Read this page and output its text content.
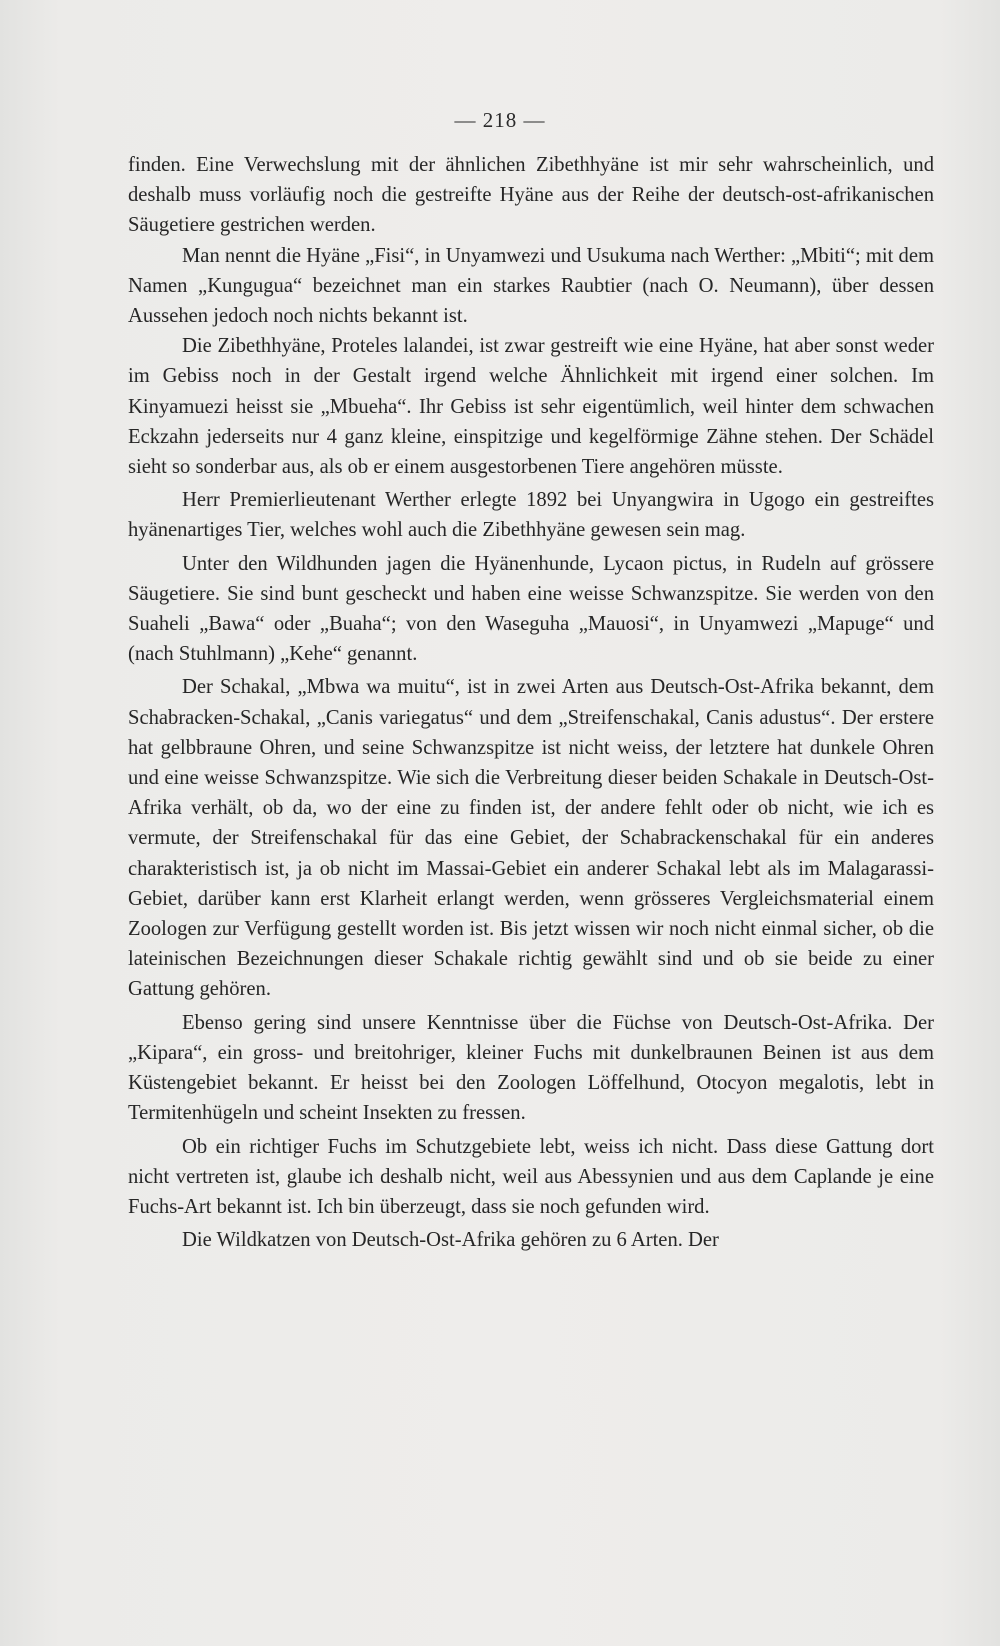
— 218 —

finden. Eine Verwechslung mit der ähnlichen Zibethhyäne ist mir sehr wahrscheinlich, und deshalb muss vorläufig noch die gestreifte Hyäne aus der Reihe der deutsch-ost-afrikanischen Säugetiere gestrichen werden.

Man nennt die Hyäne „Fisi“, in Unyamwezi und Usukuma nach Werther: „Mbiti“; mit dem Namen „Kungugua“ bezeichnet man ein starkes Raubtier (nach O. Neumann), über dessen Aussehen jedoch noch nichts bekannt ist.

Die Zibethhyäne, Proteles lalandei, ist zwar gestreift wie eine Hyäne, hat aber sonst weder im Gebiss noch in der Gestalt irgend welche Ähnlichkeit mit irgend einer solchen. Im Kinyamuezi heisst sie „Mbueha“. Ihr Gebiss ist sehr eigentümlich, weil hinter dem schwachen Eckzahn jederseits nur 4 ganz kleine, einspitzige und kegelförmige Zähne stehen. Der Schädel sieht so sonderbar aus, als ob er einem ausgestorbenen Tiere angehören müsste.

Herr Premierlieutenant Werther erlegte 1892 bei Unyangwira in Ugogo ein gestreiftes hyänenartiges Tier, welches wohl auch die Zibethhyäne gewesen sein mag.

Unter den Wildhunden jagen die Hyänenhunde, Lycaon pictus, in Rudeln auf grössere Säugetiere. Sie sind bunt gescheckt und haben eine weisse Schwanzspitze. Sie werden von den Suaheli „Bawa“ oder „Buaha“; von den Waseguha „Mauosi“, in Unyamwezi „Mapuge“ und (nach Stuhlmann) „Kehe“ genannt.

Der Schakal, „Mbwa wa muitu“, ist in zwei Arten aus Deutsch-Ost-Afrika bekannt, dem Schabracken-Schakal, „Canis variegatus“ und dem „Streifenschakal, Canis adustus“. Der erstere hat gelbbraune Ohren, und seine Schwanzspitze ist nicht weiss, der letztere hat dunkele Ohren und eine weisse Schwanzspitze. Wie sich die Verbreitung dieser beiden Schakale in Deutsch-Ost-Afrika verhält, ob da, wo der eine zu finden ist, der andere fehlt oder ob nicht, wie ich es vermute, der Streifenschakal für das eine Gebiet, der Schabrackenschakal für ein anderes charakteristisch ist, ja ob nicht im Massai-Gebiet ein anderer Schakal lebt als im Malagarassi-Gebiet, darüber kann erst Klarheit erlangt werden, wenn grösseres Vergleichsmaterial einem Zoologen zur Verfügung gestellt worden ist. Bis jetzt wissen wir noch nicht einmal sicher, ob die lateinischen Bezeichnungen dieser Schakale richtig gewählt sind und ob sie beide zu einer Gattung gehören.

Ebenso gering sind unsere Kenntnisse über die Füchse von Deutsch-Ost-Afrika. Der „Kipara“, ein gross- und breitohriger, kleiner Fuchs mit dunkelbraunen Beinen ist aus dem Küstengebiet bekannt. Er heisst bei den Zoologen Löffelhund, Otocyon megalotis, lebt in Termitenhügeln und scheint Insekten zu fressen.

Ob ein richtiger Fuchs im Schutzgebiete lebt, weiss ich nicht. Dass diese Gattung dort nicht vertreten ist, glaube ich deshalb nicht, weil aus Abessynien und aus dem Caplande je eine Fuchs-Art bekannt ist. Ich bin überzeugt, dass sie noch gefunden wird.

Die Wildkatzen von Deutsch-Ost-Afrika gehören zu 6 Arten. Der
